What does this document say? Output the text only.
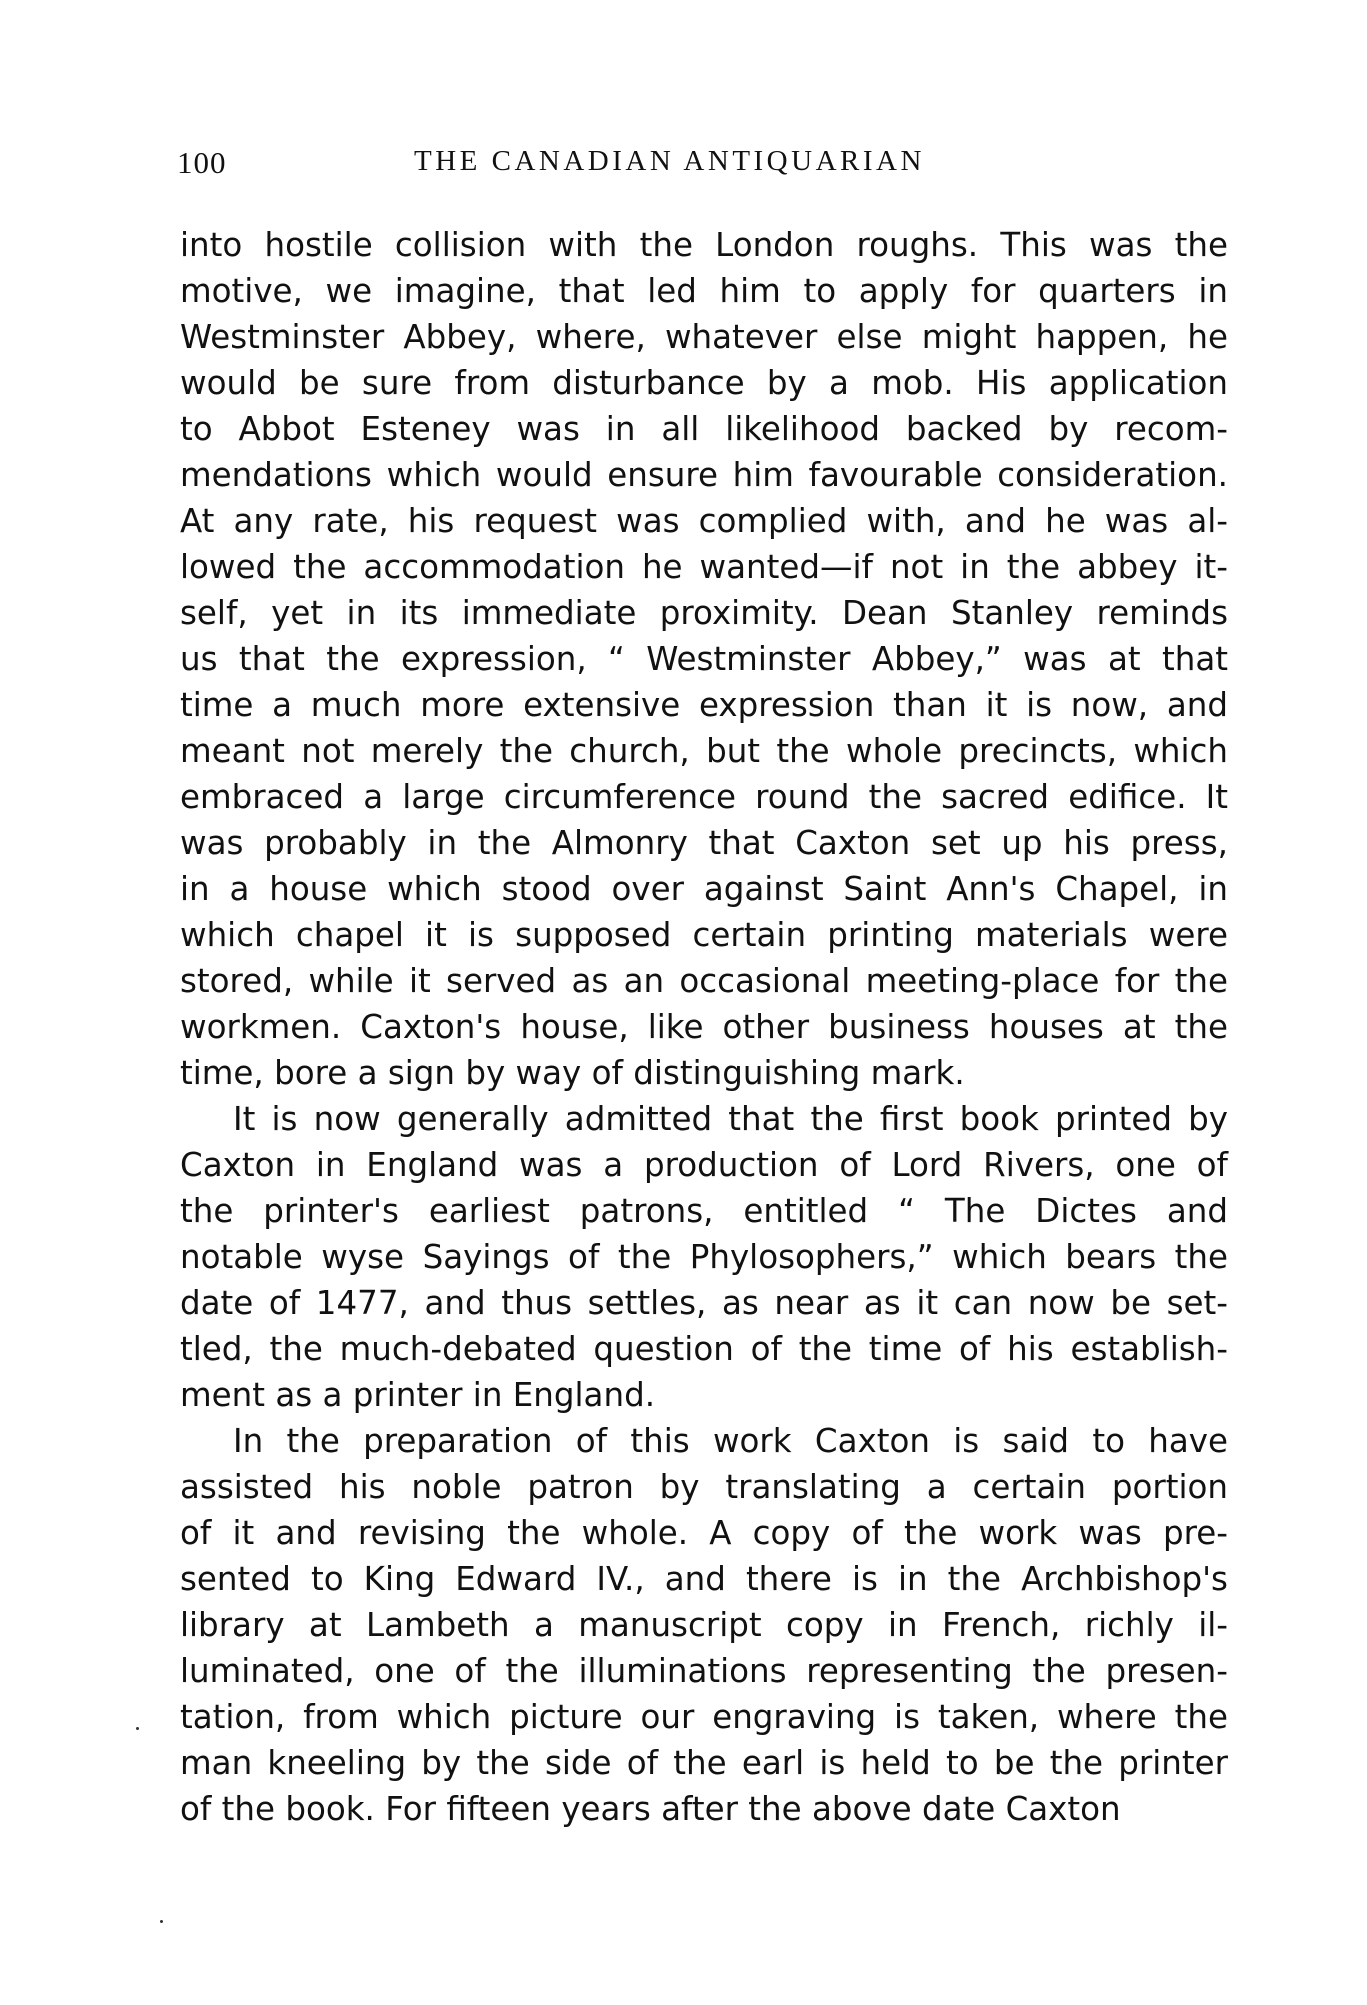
100	THE CANADIAN ANTIQUARIAN
into hostile collision with the London roughs. This was the
motive, we imagine, that led him to apply for quarters in
Westminster Abbey, where, whatever else might happen, he
would be sure from disturbance by a mob. His application
to Abbot Esteney was in all likelihood backed by recom-
mendations which would ensure him favourable consideration.
At any rate, his request was complied with, and he was al-
lowed the accommodation he wanted—if not in the abbey it-
self, yet in its immediate proximity. Dean Stanley reminds
us that the expression, “ Westminster Abbey,” was at that
time a much more extensive expression than it is now, and
meant not merely the church, but the whole precincts, which
embraced a large circumference round the sacred edifice. It
was probably in the Almonry that Caxton set up his press,
in a house which stood over against Saint Ann's Chapel, in
which chapel it is supposed certain printing materials were
stored, while it served as an occasional meeting-place for the
workmen. Caxton's house, like other business houses at the
time, bore a sign by way of distinguishing mark.
It is now generally admitted that the first book printed by
Caxton in England was a production of Lord Rivers, one of
the printer's earliest patrons, entitled “ The Dictes and
notable wyse Sayings of the Phylosophers,” which bears the
date of 1477, and thus settles, as near as it can now be set-
tled, the much-debated question of the time of his establish-
ment as a printer in England.
In the preparation of this work Caxton is said to have
assisted his noble patron by translating a certain portion
of it and revising the whole. A copy of the work was pre-
sented to King Edward IV., and there is in the Archbishop's
library at Lambeth a manuscript copy in French, richly il-
luminated, one of the illuminations representing the presen-
tation, from which picture our engraving is taken, where the
man kneeling by the side of the earl is held to be the printer
of the book. For fifteen years after the above date Caxton
